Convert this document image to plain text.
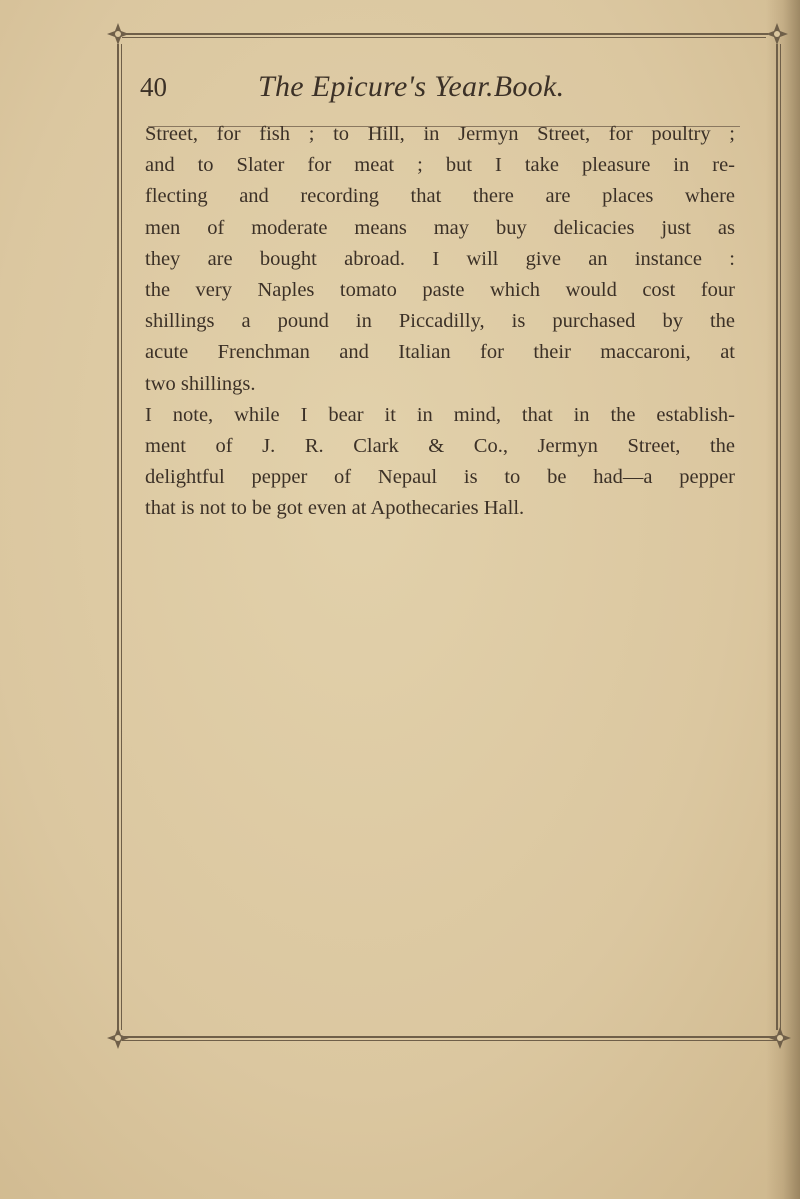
40	The Epicure's Year.Book.

Street, for fish ; to Hill, in Jermyn Street, for poultry ;
and to Slater for meat ; but I take pleasure in re-
flecting and recording that there are places where
men of moderate means may buy delicacies just as
they are bought abroad. I will give an instance :
the very Naples tomato paste which would cost four
shillings a pound in Piccadilly, is purchased by the
acute Frenchman and Italian for their maccaroni, at
two shillings.

I note, while I bear it in mind, that in the establish-
ment of J. R. Clark & Co., Jermyn Street, the
delightful pepper of Nepaul is to be had—a pepper
that is not to be got even at Apothecaries Hall.
